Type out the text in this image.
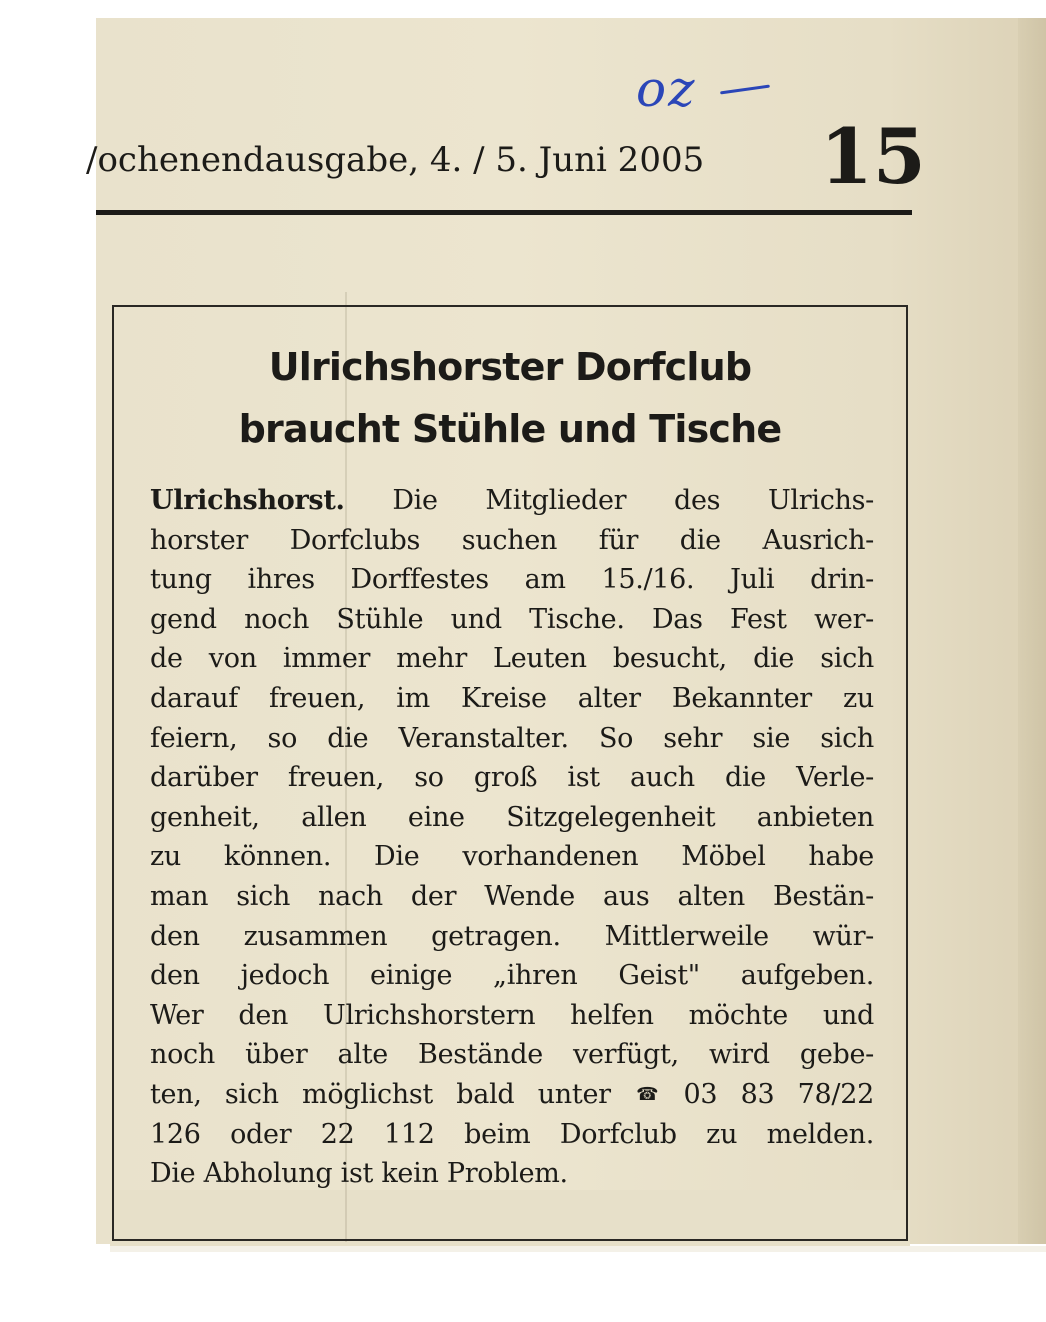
oz
/ochenendausgabe, 4. / 5. Juni 2005 15
Ulrichshorster Dorfclub
braucht Stühle und Tische
Ulrichshorst. Die Mitglieder des Ulrichs-
horster Dorfclubs suchen für die Ausrich-
tung ihres Dorffestes am 15./16. Juli drin-
gend noch Stühle und Tische. Das Fest wer-
de von immer mehr Leuten besucht, die sich
darauf freuen, im Kreise alter Bekannter zu
feiern, so die Veranstalter. So sehr sie sich
darüber freuen, so groß ist auch die Verle-
genheit, allen eine Sitzgelegenheit anbieten
zu können. Die vorhandenen Möbel habe
man sich nach der Wende aus alten Bestän-
den zusammen getragen. Mittlerweile wür-
den jedoch einige „ihren Geist" aufgeben.
Wer den Ulrichshorstern helfen möchte und
noch über alte Bestände verfügt, wird gebe-
ten, sich möglichst bald unter ☎ 03 83 78/22
126 oder 22 112 beim Dorfclub zu melden.
Die Abholung ist kein Problem.
